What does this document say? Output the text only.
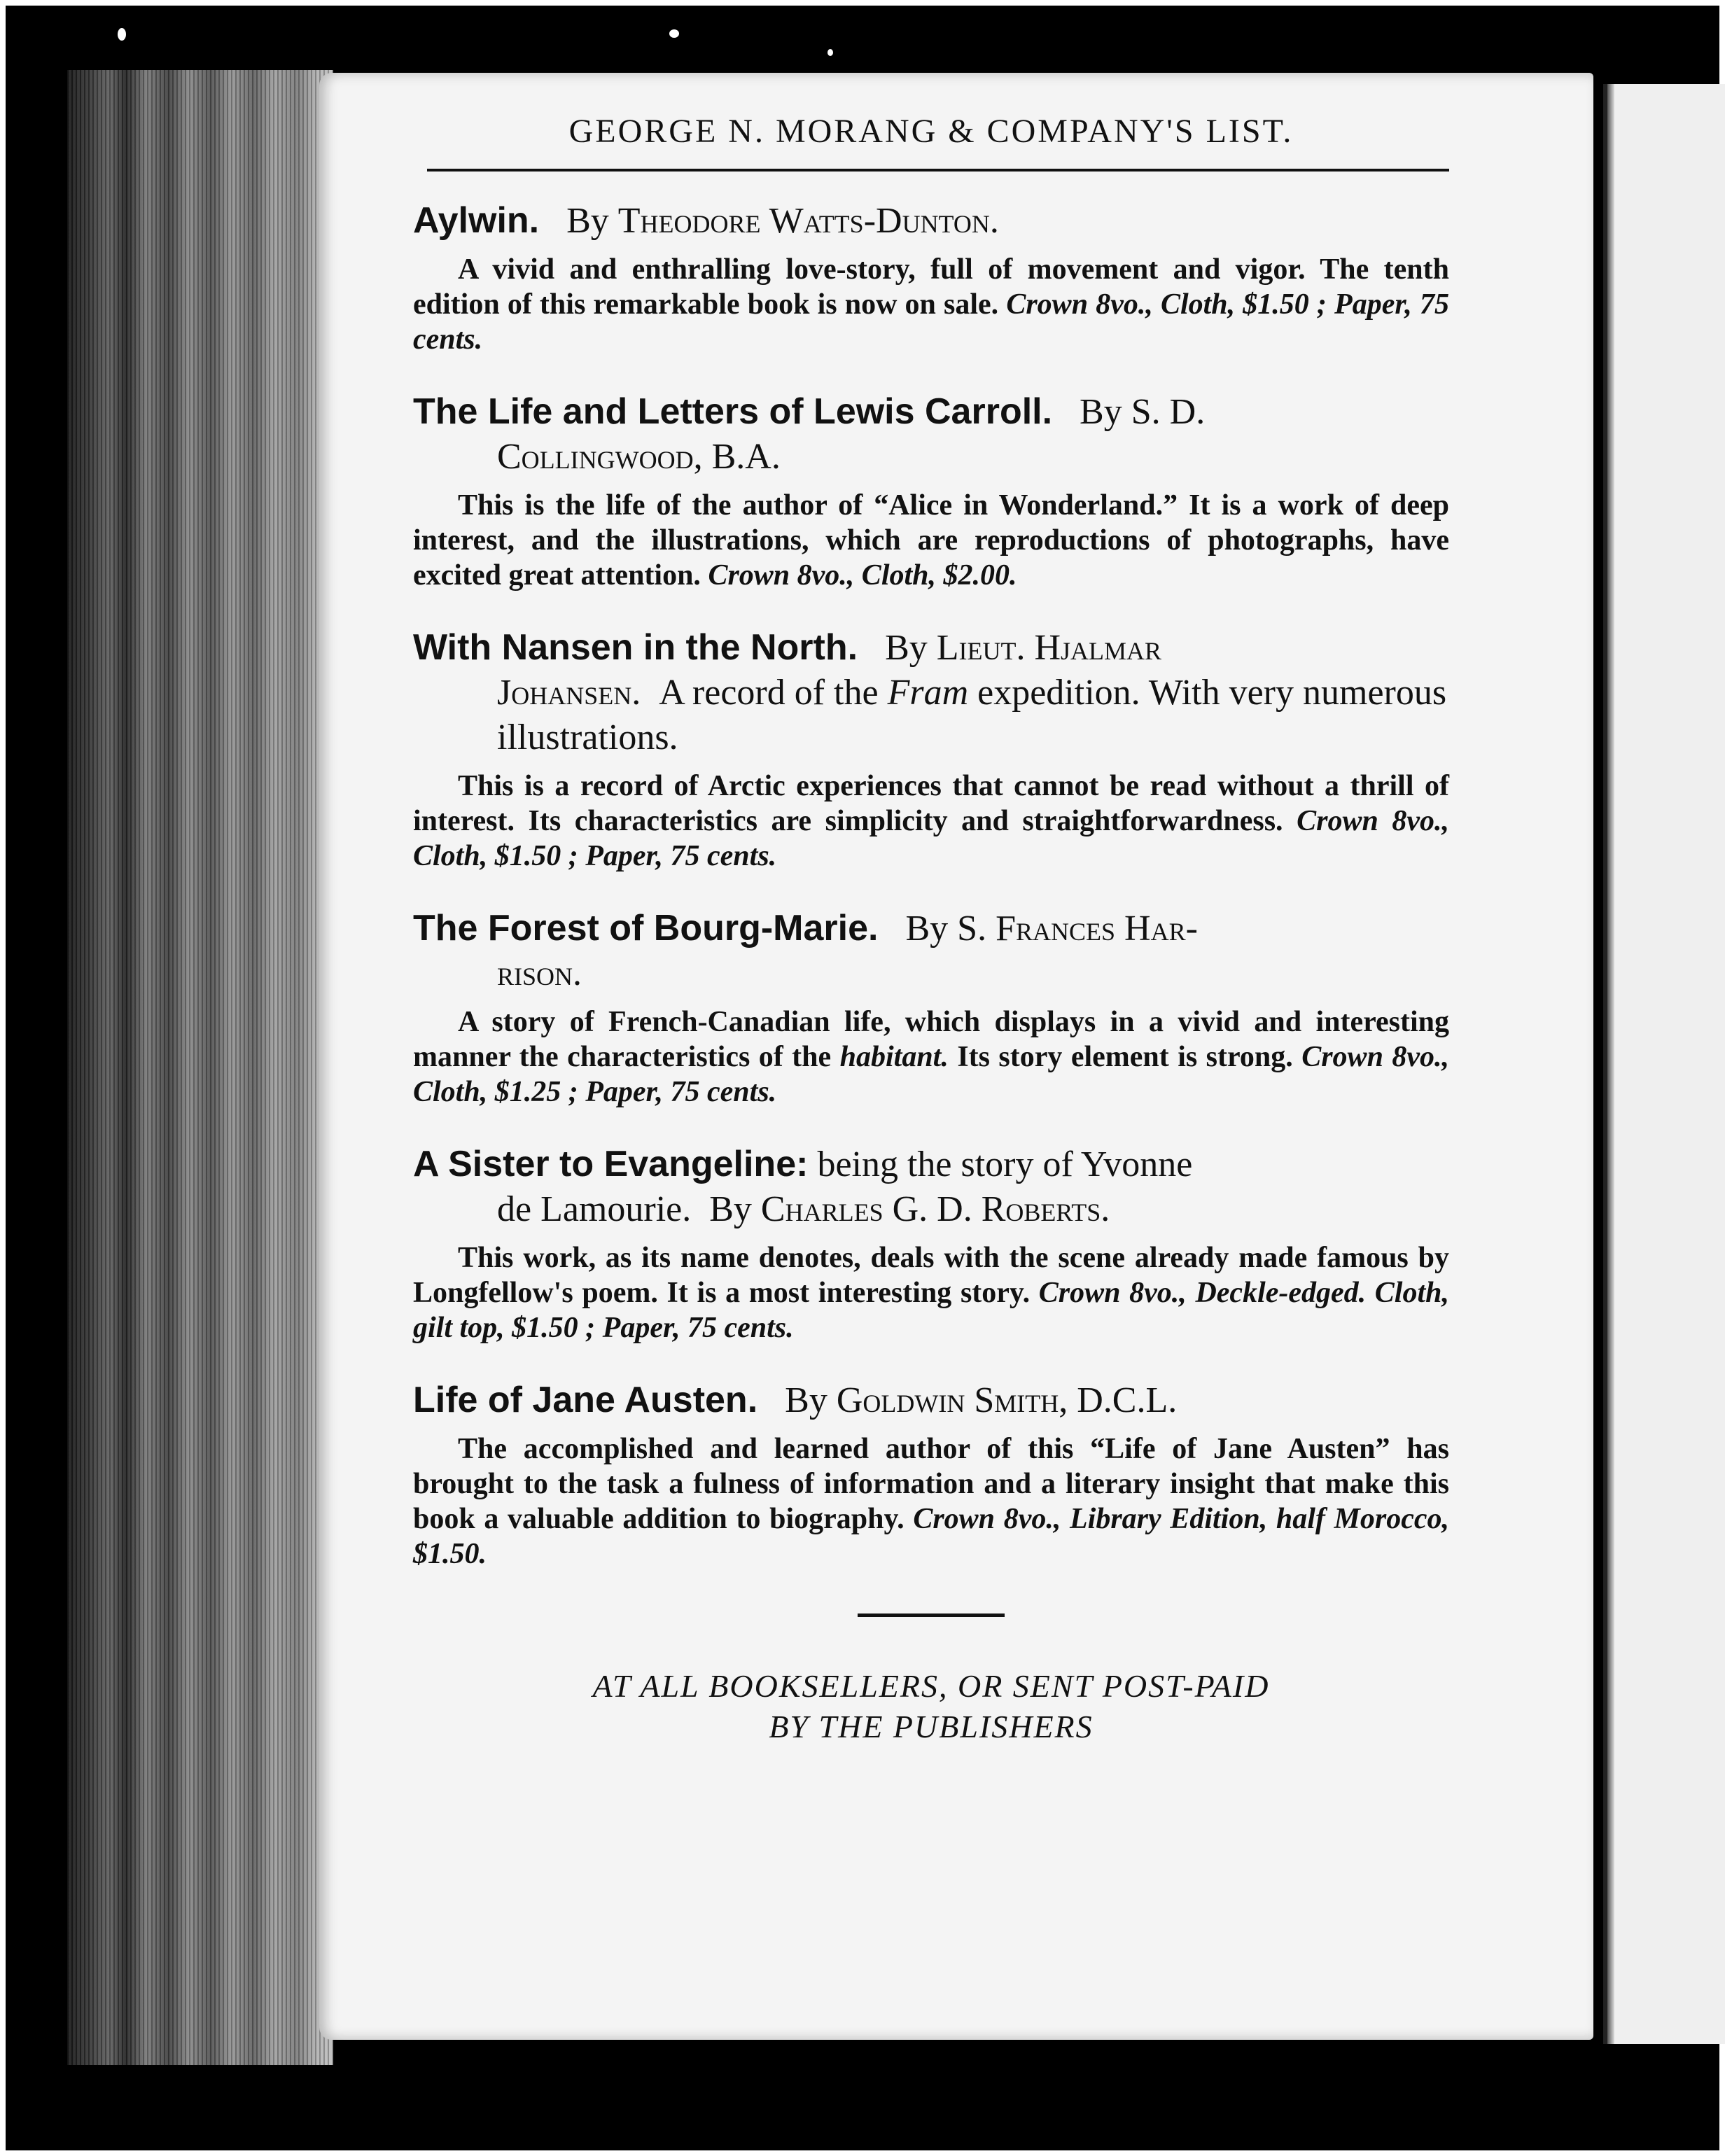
GEORGE N. MORANG & COMPANY'S LIST.

Aylwin. By Theodore Watts-Dunton.

A vivid and enthralling love-story, full of movement and vigor. The tenth edition of this remarkable book is now on sale. Crown 8vo., Cloth, $1.50 ; Paper, 75 cents.

The Life and Letters of Lewis Carroll. By S. D.
Collingwood, B.A.

This is the life of the author of “Alice in Wonderland.” It is a work of deep interest, and the illustrations, which are reproductions of photographs, have excited great attention. Crown 8vo., Cloth, $2.00.

With Nansen in the North. By Lieut. Hjalmar
Johansen. A record of the Fram expedition. With very numerous illustrations.

This is a record of Arctic experiences that cannot be read without a thrill of interest. Its characteristics are simplicity and straightforwardness. Crown 8vo., Cloth, $1.50 ; Paper, 75 cents.

The Forest of Bourg-Marie. By S. Frances Har-
rison.

A story of French-Canadian life, which displays in a vivid and interesting manner the characteristics of the habitant. Its story element is strong. Crown 8vo., Cloth, $1.25 ; Paper, 75 cents.

A Sister to Evangeline: being the story of Yvonne
de Lamourie. By Charles G. D. Roberts.

This work, as its name denotes, deals with the scene already made famous by Longfellow's poem. It is a most interesting story. Crown 8vo., Deckle-edged. Cloth, gilt top, $1.50 ; Paper, 75 cents.

Life of Jane Austen. By Goldwin Smith, D.C.L.

The accomplished and learned author of this “Life of Jane Austen” has brought to the task a fulness of information and a literary insight that make this book a valuable addition to biography. Crown 8vo., Library Edition, half Morocco, $1.50.

AT ALL BOOKSELLERS, OR SENT POST-PAID
BY THE PUBLISHERS
